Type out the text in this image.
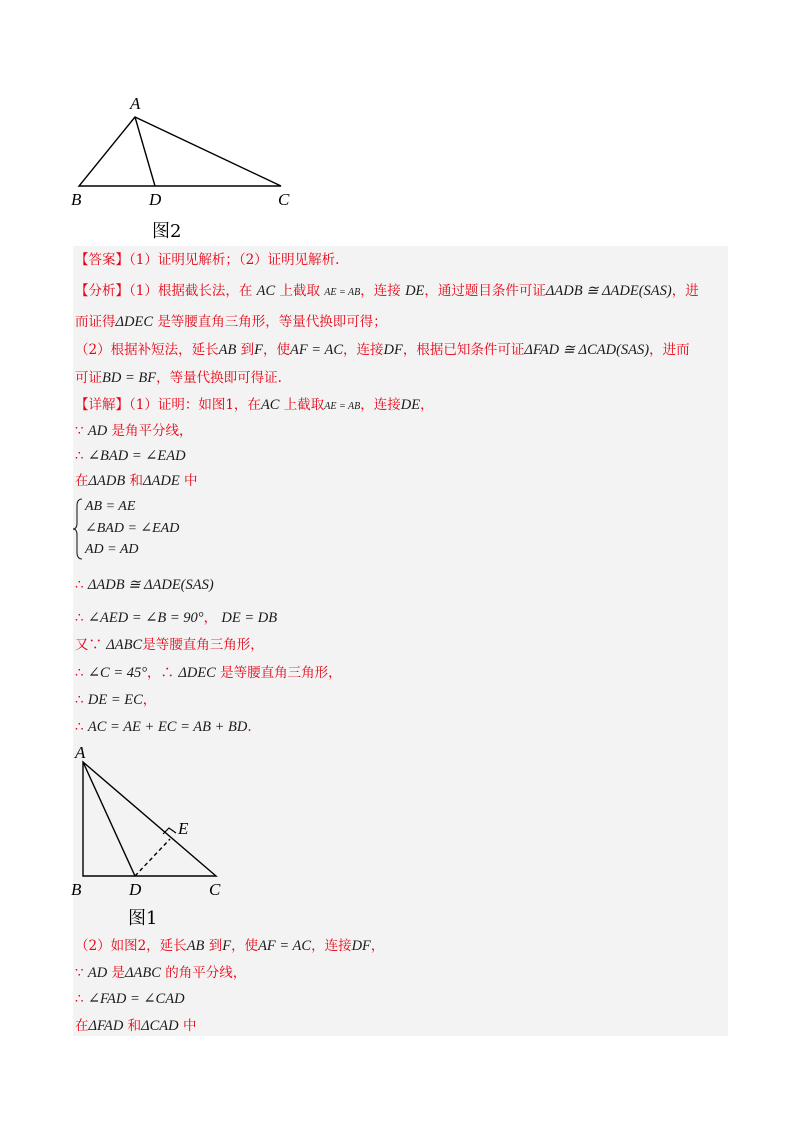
A
B	D	C
图2
【答案】（1）证明见解析；（2）证明见解析.
【分析】（1）根据截长法，在 AC 上截取 AE = AB，连接 DE，通过题目条件可证ΔADB ≅ ΔADE(SAS)，进
而证得ΔDEC 是等腰直角三角形，等量代换即可得；
（2）根据补短法，延长AB 到F，使AF = AC，连接DF，根据已知条件可证ΔFAD ≅ ΔCAD(SAS)，进而
可证BD = BF，等量代换即可得证.
【详解】（1）证明：如图1，在AC 上截取AE = AB，连接DE，
∵ AD 是角平分线，
∴ ∠BAD = ∠EAD
在ΔADB 和ΔADE 中
AB = AE
∠BAD = ∠EAD
AD = AD
∴ ΔADB ≅ ΔADE(SAS)
∴ ∠AED = ∠B = 90°， DE = DB
又∵ ΔABC是等腰直角三角形，
∴ ∠C = 45°，∴ ΔDEC 是等腰直角三角形，
∴ DE = EC，
∴ AC = AE + EC = AB + BD.
A
E
B	D	C
图1
（2）如图2，延长AB 到F，使AF = AC，连接DF，
∵ AD 是ΔABC 的角平分线，
∴ ∠FAD = ∠CAD
在ΔFAD 和ΔCAD 中
